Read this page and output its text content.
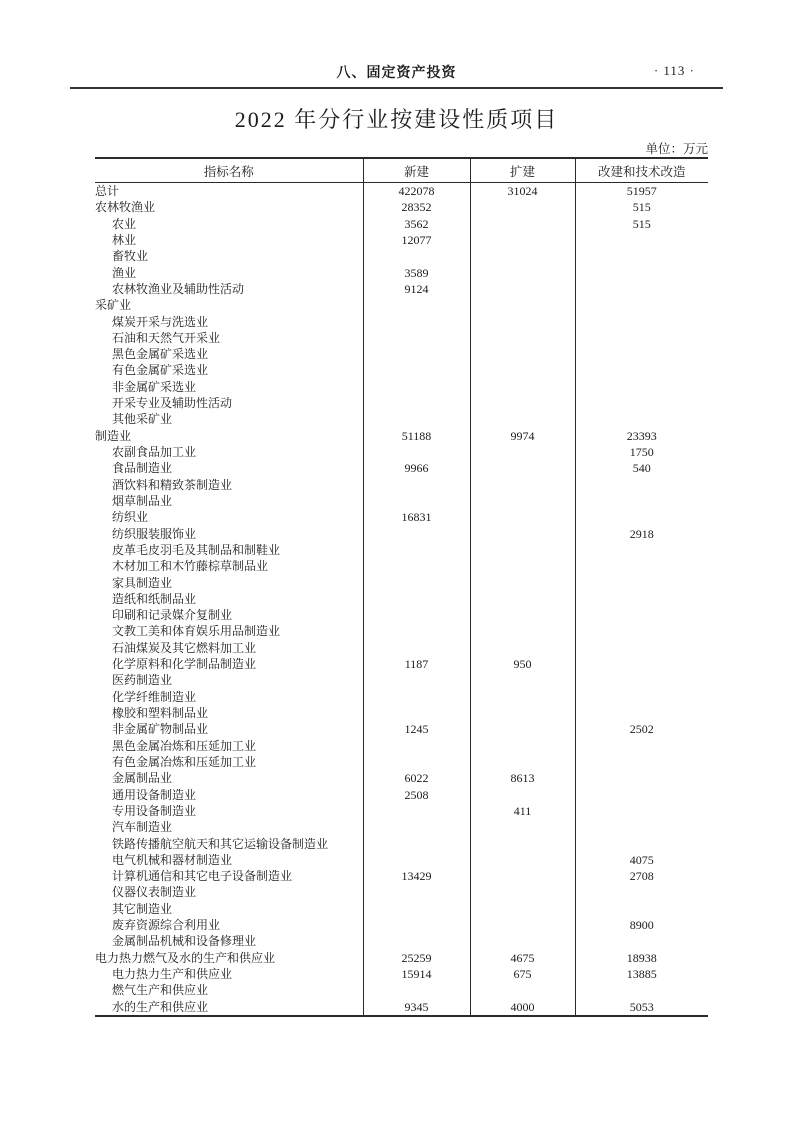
八、固定资产投资	· 113 ·
2022 年分行业按建设性质项目
单位：万元
指标名称	新建	扩建	改建和技术改造
总计	422078	31024	51957
农林牧渔业	28352		515
农业	3562		515
林业	12077		
畜牧业			
渔业	3589		
农林牧渔业及辅助性活动	9124		
采矿业			
煤炭开采与洗选业			
石油和天然气开采业			
黑色金属矿采选业			
有色金属矿采选业			
非金属矿采选业			
开采专业及辅助性活动			
其他采矿业			
制造业	51188	9974	23393
农副食品加工业			1750
食品制造业	9966		540
酒饮料和精致茶制造业			
烟草制品业			
纺织业	16831		
纺织服装服饰业			2918
皮革毛皮羽毛及其制品和制鞋业			
木材加工和木竹藤棕草制品业			
家具制造业			
造纸和纸制品业			
印刷和记录媒介复制业			
文教工美和体育娱乐用品制造业			
石油煤炭及其它燃料加工业			
化学原料和化学制品制造业	1187	950	
医药制造业			
化学纤维制造业			
橡胶和塑料制品业			
非金属矿物制品业	1245		2502
黑色金属冶炼和压延加工业			
有色金属冶炼和压延加工业			
金属制品业	6022	8613	
通用设备制造业	2508		
专用设备制造业		411	
汽车制造业			
铁路传播航空航天和其它运输设备制造业			
电气机械和器材制造业			4075
计算机通信和其它电子设备制造业	13429		2708
仪器仪表制造业			
其它制造业			
废弃资源综合利用业			8900
金属制品机械和设备修理业			
电力热力燃气及水的生产和供应业	25259	4675	18938
电力热力生产和供应业	15914	675	13885
燃气生产和供应业			
水的生产和供应业	9345	4000	5053
